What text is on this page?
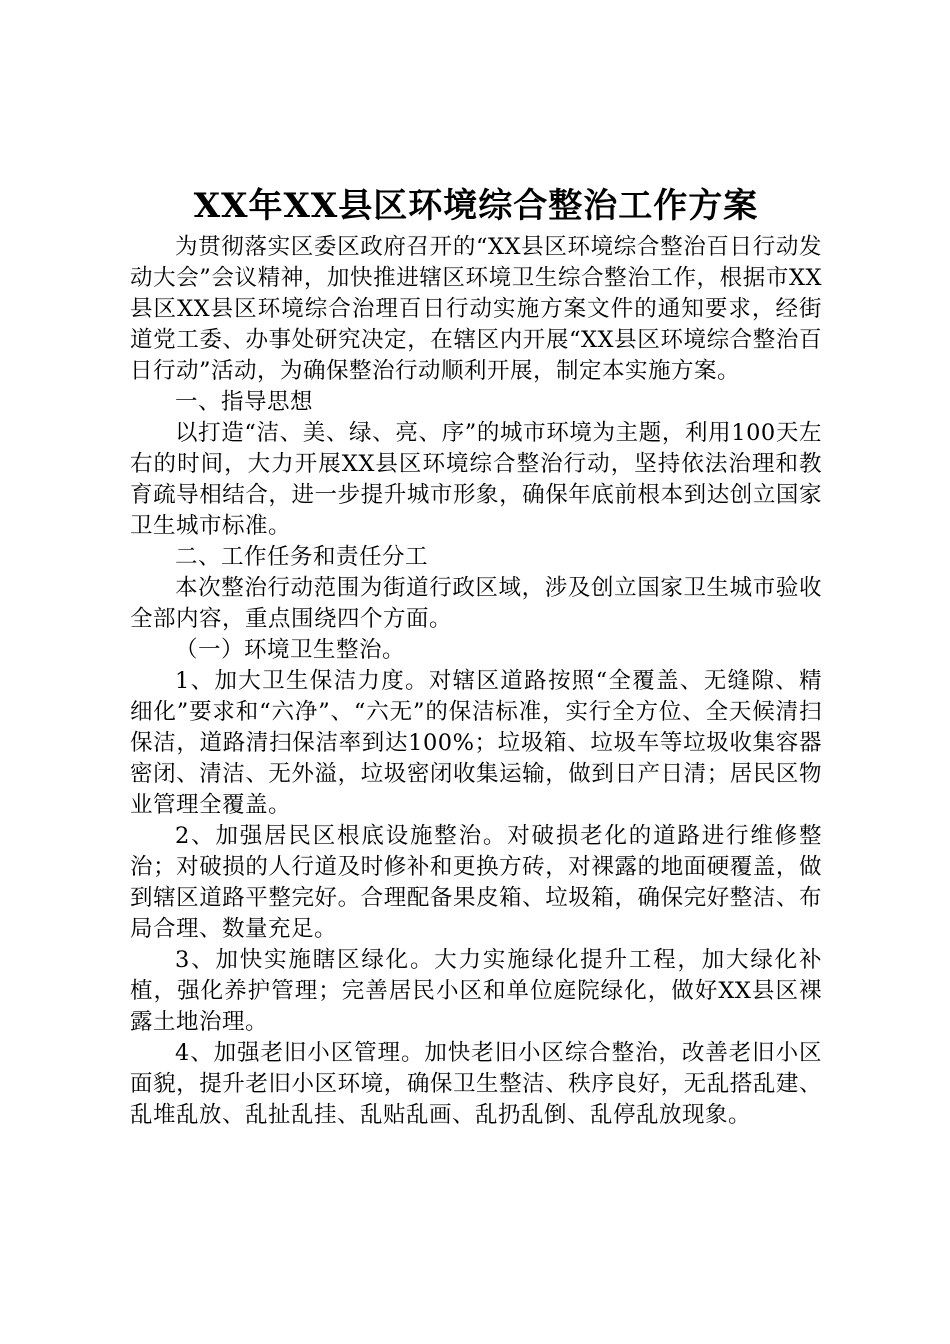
XX年XX县区环境综合整治工作方案

为贯彻落实区委区政府召开的“XX县区环境综合整治百日行动发动大会”会议精神，加快推进辖区环境卫生综合整治工作，根据市XX县区XX县区环境综合治理百日行动实施方案文件的通知要求，经街道党工委、办事处研究决定，在辖区内开展“XX县区环境综合整治百日行动”活动，为确保整治行动顺利开展，制定本实施方案。

一、指导思想

以打造“洁、美、绿、亮、序”的城市环境为主题，利用100天左右的时间，大力开展XX县区环境综合整治行动，坚持依法治理和教育疏导相结合，进一步提升城市形象，确保年底前根本到达创立国家卫生城市标准。

二、工作任务和责任分工

本次整治行动范围为街道行政区域，涉及创立国家卫生城市验收全部内容，重点围绕四个方面。

（一）环境卫生整治。

1、加大卫生保洁力度。对辖区道路按照“全覆盖、无缝隙、精细化”要求和“六净”、“六无”的保洁标准，实行全方位、全天候清扫保洁，道路清扫保洁率到达100%；垃圾箱、垃圾车等垃圾收集容器密闭、清洁、无外溢，垃圾密闭收集运输，做到日产日清；居民区物业管理全覆盖。

2、加强居民区根底设施整治。对破损老化的道路进行维修整治；对破损的人行道及时修补和更换方砖，对裸露的地面硬覆盖，做到辖区道路平整完好。合理配备果皮箱、垃圾箱，确保完好整洁、布局合理、数量充足。

3、加快实施瞎区绿化。大力实施绿化提升工程，加大绿化补植，强化养护管理；完善居民小区和单位庭院绿化，做好XX县区裸露土地治理。

4、加强老旧小区管理。加快老旧小区综合整治，改善老旧小区面貌，提升老旧小区环境，确保卫生整洁、秩序良好，无乱搭乱建、乱堆乱放、乱扯乱挂、乱贴乱画、乱扔乱倒、乱停乱放现象。
